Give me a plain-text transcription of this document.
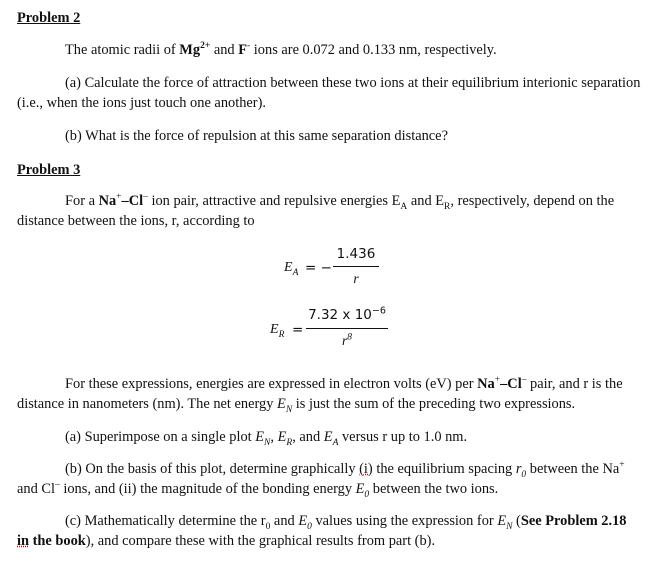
Problem 2
The atomic radii of $Mg^{2+}$ and F- ions are 0.072 and 0.133 nm, respectively.
(a) Calculate the force of attraction between these two ions at their equilibrium interionic separation (i.e., when the ions just touch one another).
(b) What is the force of repulsion at this same separation distance?
Problem 3
For a Na+–Cl– ion pair, attractive and repulsive energies $E_A$ and $E_R$, respectively, depend on the distance between the ions, r, according to
$E_A$ = −
1.436
r
$E_R$ =
7.32 x $10^{-6}$
$r^8$
For these expressions, energies are expressed in electron volts (eV) per Na+–Cl– pair, and r is the distance in nanometers (nm). The net energy $E_N$ is just the sum of the preceding two expressions.
(a) Superimpose on a single plot $E_N$, $E_R$, and $E_A$ versus r up to 1.0 nm.
(b) On the basis of this plot, determine graphically (i) the equilibrium spacing $r_0$ between the Na+ and Cl– ions, and (ii) the magnitude of the bonding energy $E_0$ between the two ions.
(c) Mathematically determine the $r_0$ and $E_0$ values using the expression for $E_N$ (See Problem 2.18 in the book), and compare these with the graphical results from part (b).
